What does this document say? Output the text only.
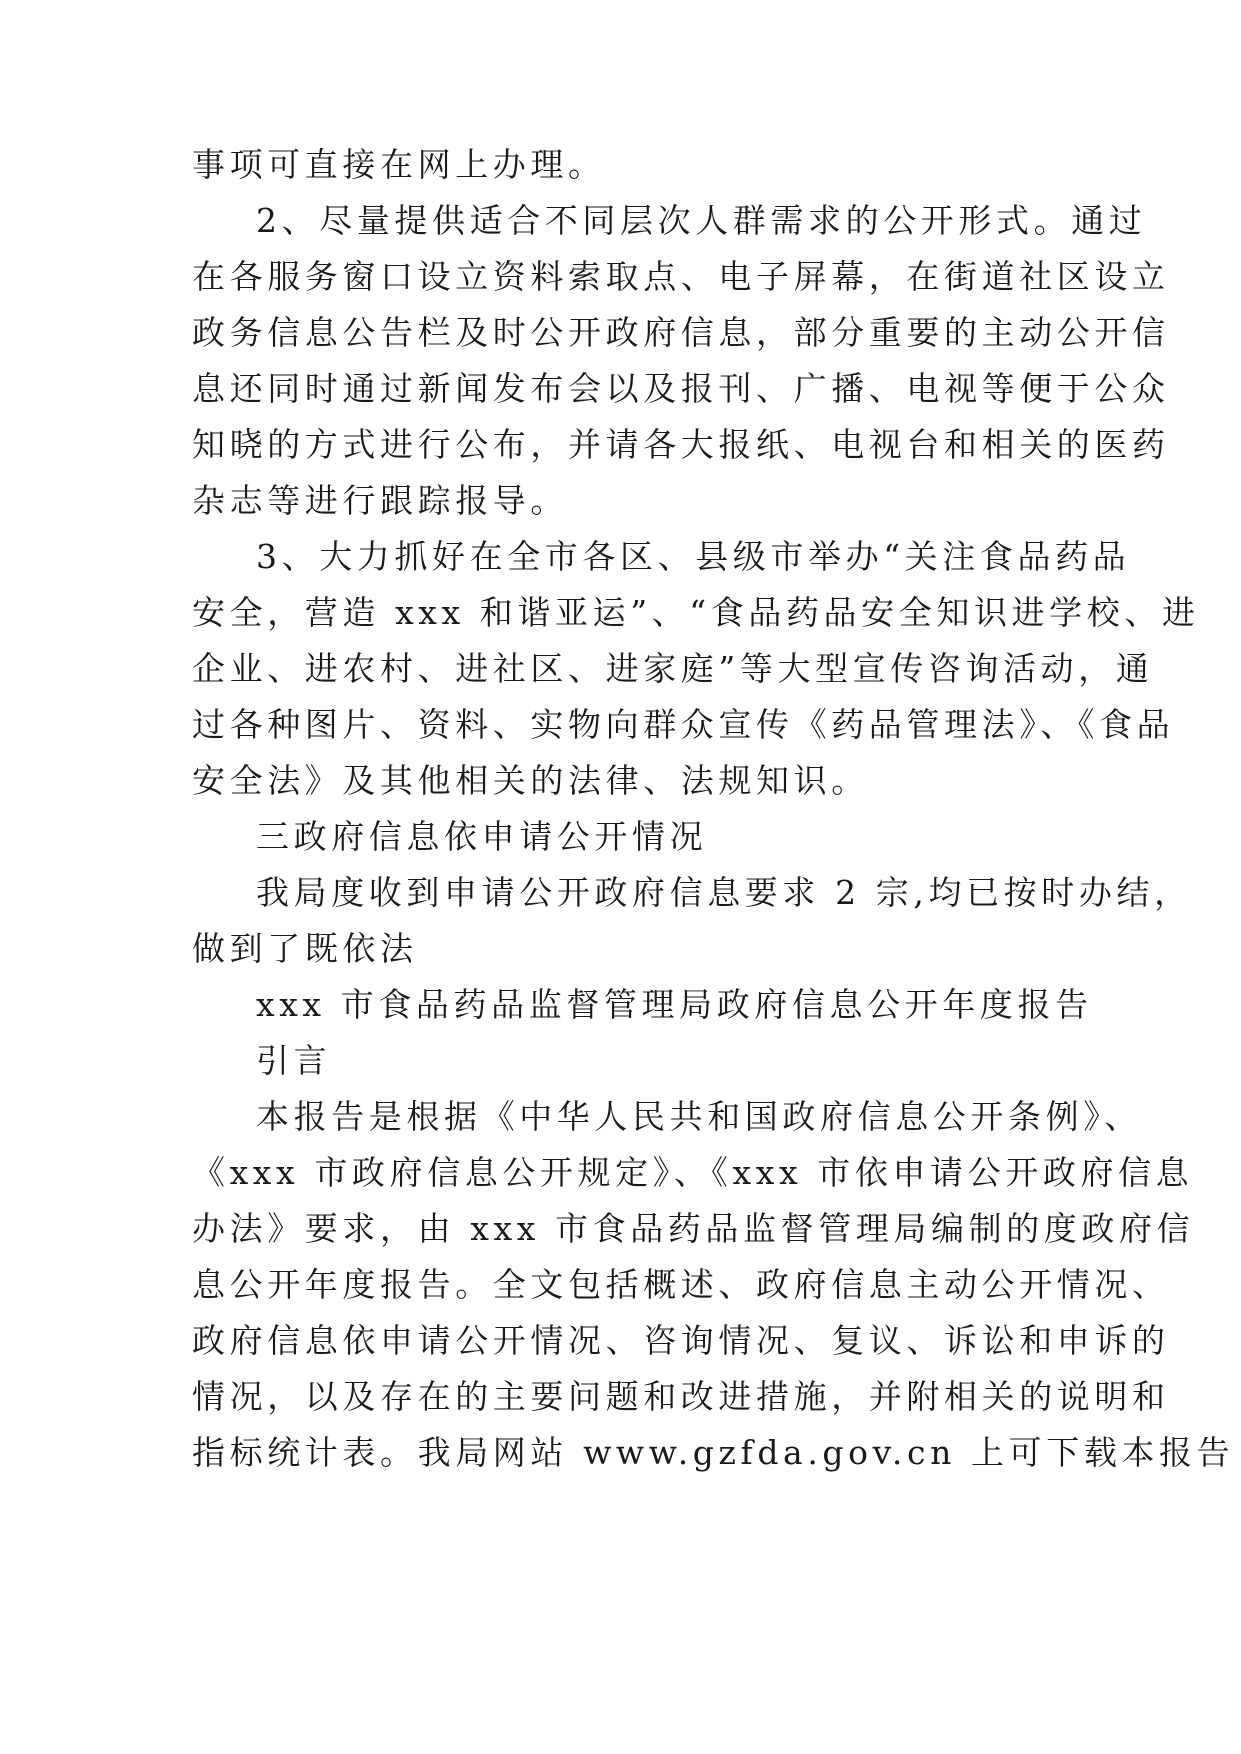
事项可直接在网上办理。
2、尽量提供适合不同层次人群需求的公开形式。通过
在各服务窗口设立资料索取点、电子屏幕，在街道社区设立
政务信息公告栏及时公开政府信息，部分重要的主动公开信
息还同时通过新闻发布会以及报刊、广播、电视等便于公众
知晓的方式进行公布，并请各大报纸、电视台和相关的医药
杂志等进行跟踪报导。
3、大力抓好在全市各区、县级市举办“关注食品药品
安全，营造 xxx 和谐亚运”、“食品药品安全知识进学校、进
企业、进农村、进社区、进家庭”等大型宣传咨询活动，通
过各种图片、资料、实物向群众宣传《药品管理法》、《食品
安全法》及其他相关的法律、法规知识。
三政府信息依申请公开情况
我局度收到申请公开政府信息要求 2 宗,均已按时办结，
做到了既依法
xxx 市食品药品监督管理局政府信息公开年度报告
引言
本报告是根据《中华人民共和国政府信息公开条例》、
《xxx 市政府信息公开规定》、《xxx 市依申请公开政府信息
办法》要求，由 xxx 市食品药品监督管理局编制的度政府信
息公开年度报告。全文包括概述、政府信息主动公开情况、
政府信息依申请公开情况、咨询情况、复议、诉讼和申诉的
情况，以及存在的主要问题和改进措施，并附相关的说明和
指标统计表。我局网站 www.gzfda.gov.cn 上可下载本报告
